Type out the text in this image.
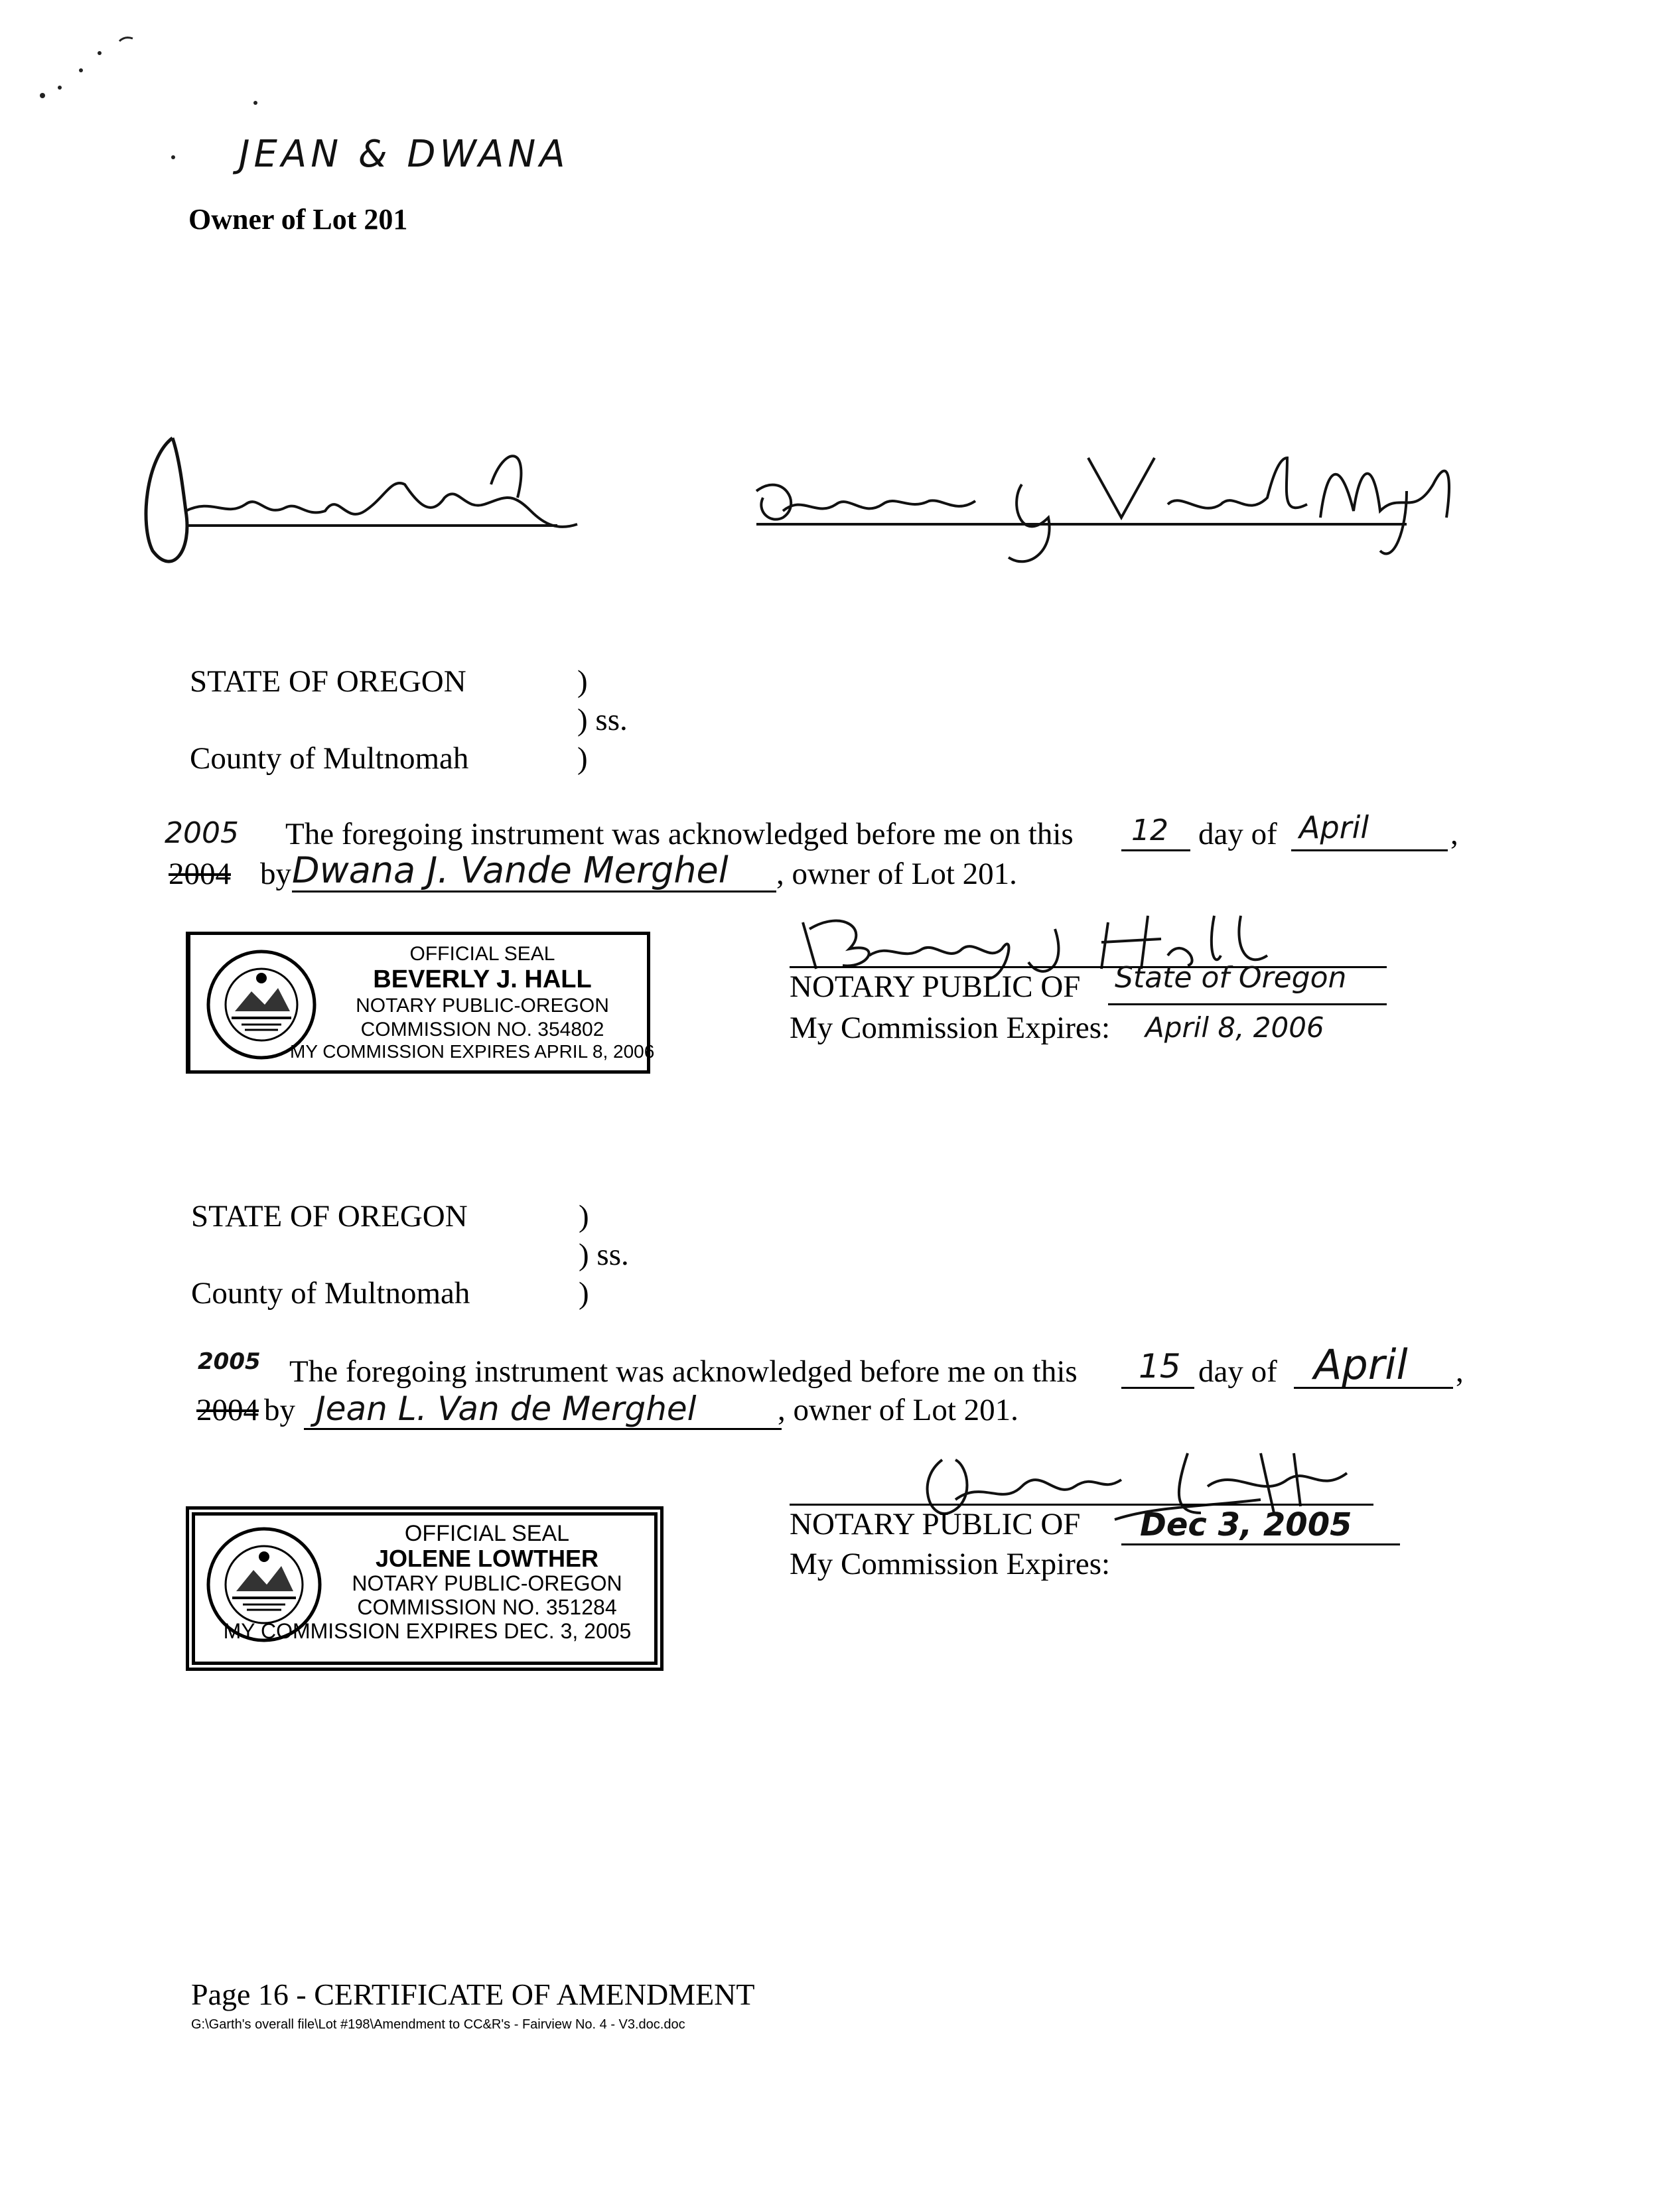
JEAN & DWANA
Owner of Lot 201
STATE OF OREGON	)
) ss.
County of Multnomah	)
2005 The foregoing instrument was acknowledged before me on this 12 day of April	,
2004 by Dwana J. Vande Merghel , owner of Lot 201.
OFFICIAL SEAL
BEVERLY J. HALL
NOTARY PUBLIC-OREGON
COMMISSION NO. 354802
MY COMMISSION EXPIRES APRIL 8, 2006
NOTARY PUBLIC OF State of Oregon
My Commission Expires: April 8, 2006
STATE OF OREGON	)
) ss.
County of Multnomah	)
2005 The foregoing instrument was acknowledged before me on this 15 day of April ,
2004 by Jean L. Van de Merghel	, owner of Lot 201.
OFFICIAL SEAL
JOLENE LOWTHER
NOTARY PUBLIC-OREGON
COMMISSION NO. 351284
MY COMMISSION EXPIRES DEC. 3, 2005
NOTARY PUBLIC OF Dec 3, 2005
My Commission Expires:
Page 16 - CERTIFICATE OF AMENDMENT
G:\Garth's overall file\Lot #198\Amendment to CC&R's - Fairview No. 4 - V3.doc.doc
